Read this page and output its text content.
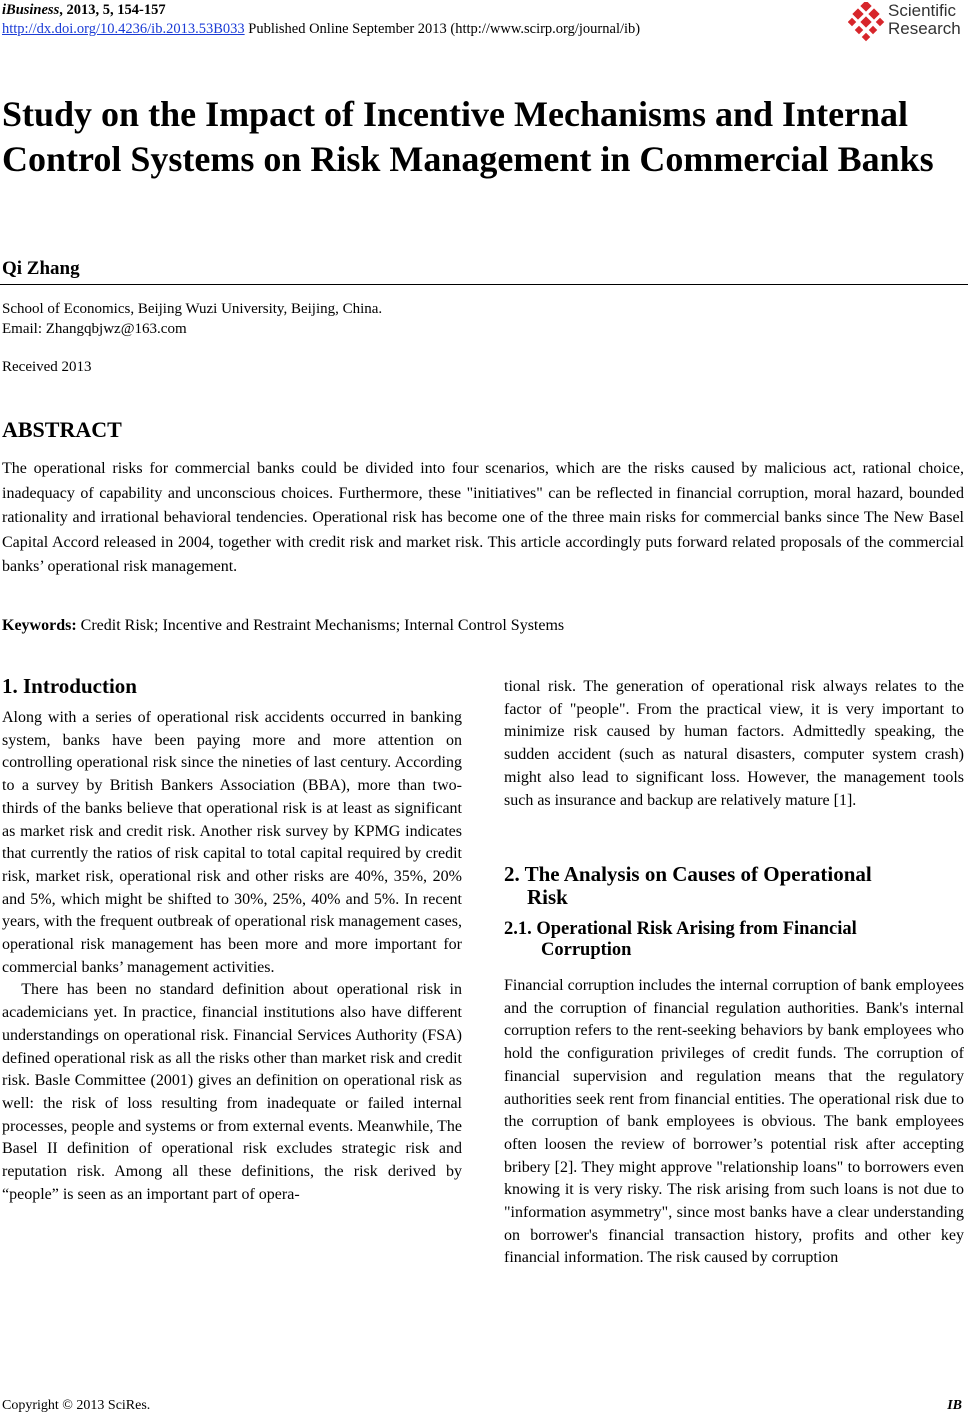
iBusiness, 2013, 5, 154-157
http://dx.doi.org/10.4236/ib.2013.53B033 Published Online September 2013 (http://www.scirp.org/journal/ib)
Scientific
Research
Study on the Impact of Incentive Mechanisms and Internal Control Systems on Risk Management in Commercial Banks
Qi Zhang
School of Economics, Beijing Wuzi University, Beijing, China.
Email: Zhangqbjwz@163.com
Received 2013
ABSTRACT
The operational risks for commercial banks could be divided into four scenarios, which are the risks caused by malicious act, rational choice, inadequacy of capability and unconscious choices. Furthermore, these "initiatives" can be reflected in financial corruption, moral hazard, bounded rationality and irrational behavioral tendencies. Operational risk has become one of the three main risks for commercial banks since The New Basel Capital Accord released in 2004, together with credit risk and market risk. This article accordingly puts forward related proposals of the commercial banks’ operational risk management.
Keywords: Credit Risk; Incentive and Restraint Mechanisms; Internal Control Systems
1. Introduction

Along with a series of operational risk accidents occurred in banking system, banks have been paying more and more attention on controlling operational risk since the nineties of last century. According to a survey by British Bankers Association (BBA), more than two-thirds of the banks believe that operational risk is at least as significant as market risk and credit risk. Another risk survey by KPMG indicates that currently the ratios of risk capital to total capital required by credit risk, market risk, operational risk and other risks are 40%, 35%, 20% and 5%, which might be shifted to 30%, 25%, 40% and 5%. In recent years, with the frequent outbreak of operational risk management cases, operational risk management has been more and more important for commercial banks’ management activities.

There has been no standard definition about operational risk in academicians yet. In practice, financial institutions also have different understandings on operational risk. Financial Services Authority (FSA) defined operational risk as all the risks other than market risk and credit risk. Basle Committee (2001) gives an definition on operational risk as well: the risk of loss resulting from inadequate or failed internal processes, people and systems or from external events. Meanwhile, The Basel II definition of operational risk excludes strategic risk and reputation risk. Among all these definitions, the risk derived by “people” is seen as an important part of opera-

tional risk. The generation of operational risk always relates to the factor of "people". From the practical view, it is very important to minimize risk caused by human factors. Admittedly speaking, the sudden accident (such as natural disasters, computer system crash) might also lead to significant loss. However, the management tools such as insurance and backup are relatively mature [1].

2. The Analysis on Causes of Operational
Risk
2.1. Operational Risk Arising from Financial
Corruption

Financial corruption includes the internal corruption of bank employees and the corruption of financial regulation authorities. Bank's internal corruption refers to the rent-seeking behaviors by bank employees who hold the configuration privileges of credit funds. The corruption of financial supervision and regulation means that the regulatory authorities seek rent from financial entities. The operational risk due to the corruption of bank employees is obvious. The bank employees often loosen the review of borrower’s potential risk after accepting bribery [2]. They might approve "relationship loans" to borrowers even knowing it is very risky. The risk arising from such loans is not due to "information asymmetry", since most banks have a clear understanding on borrower's financial transaction history, profits and other key financial information. The risk caused by corruption

Copyright © 2013 SciRes.	IB
